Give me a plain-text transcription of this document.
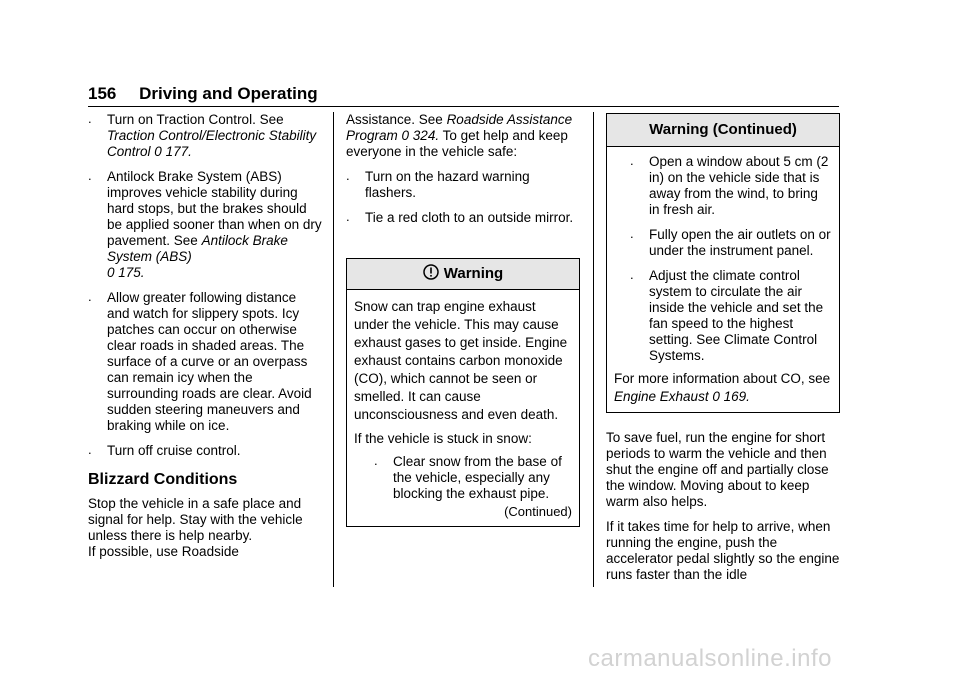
156 Driving and Operating
. Turn on Traction Control. See Traction Control/Electronic Stability Control 0 177.
. Antilock Brake System (ABS) improves vehicle stability during hard stops, but the brakes should be applied sooner than when on dry pavement. See Antilock Brake System (ABS)
0 175.
. Allow greater following distance and watch for slippery spots. Icy patches can occur on otherwise clear roads in shaded areas. The surface of a curve or an overpass can remain icy when the surrounding roads are clear. Avoid sudden steering maneuvers and braking while on ice.
. Turn off cruise control.
Blizzard Conditions

Stop the vehicle in a safe place and signal for help. Stay with the vehicle unless there is help nearby.

If possible, use Roadside

Assistance. See Roadside Assistance Program 0 324. To get help and keep everyone in the vehicle safe:

. Turn on the hazard warning flashers.
. Tie a red cloth to an outside mirror.
Warning

Snow can trap engine exhaust under the vehicle. This may cause exhaust gases to get inside. Engine exhaust contains carbon monoxide (CO), which cannot be seen or smelled. It can cause unconsciousness and even death.

If the vehicle is stuck in snow:

. Clear snow from the base of the vehicle, especially any blocking the exhaust pipe.
(Continued)
Warning (Continued)
. Open a window about 5 cm (2 in) on the vehicle side that is away from the wind, to bring in fresh air.
. Fully open the air outlets on or under the instrument panel.
. Adjust the climate control system to circulate the air inside the vehicle and set the fan speed to the highest setting. See Climate Control Systems.

For more information about CO, see Engine Exhaust 0 169.

To save fuel, run the engine for short periods to warm the vehicle and then shut the engine off and partially close the window. Moving about to keep warm also helps.

If it takes time for help to arrive, when running the engine, push the accelerator pedal slightly so the engine runs faster than the idle

carmanualsonline.info
